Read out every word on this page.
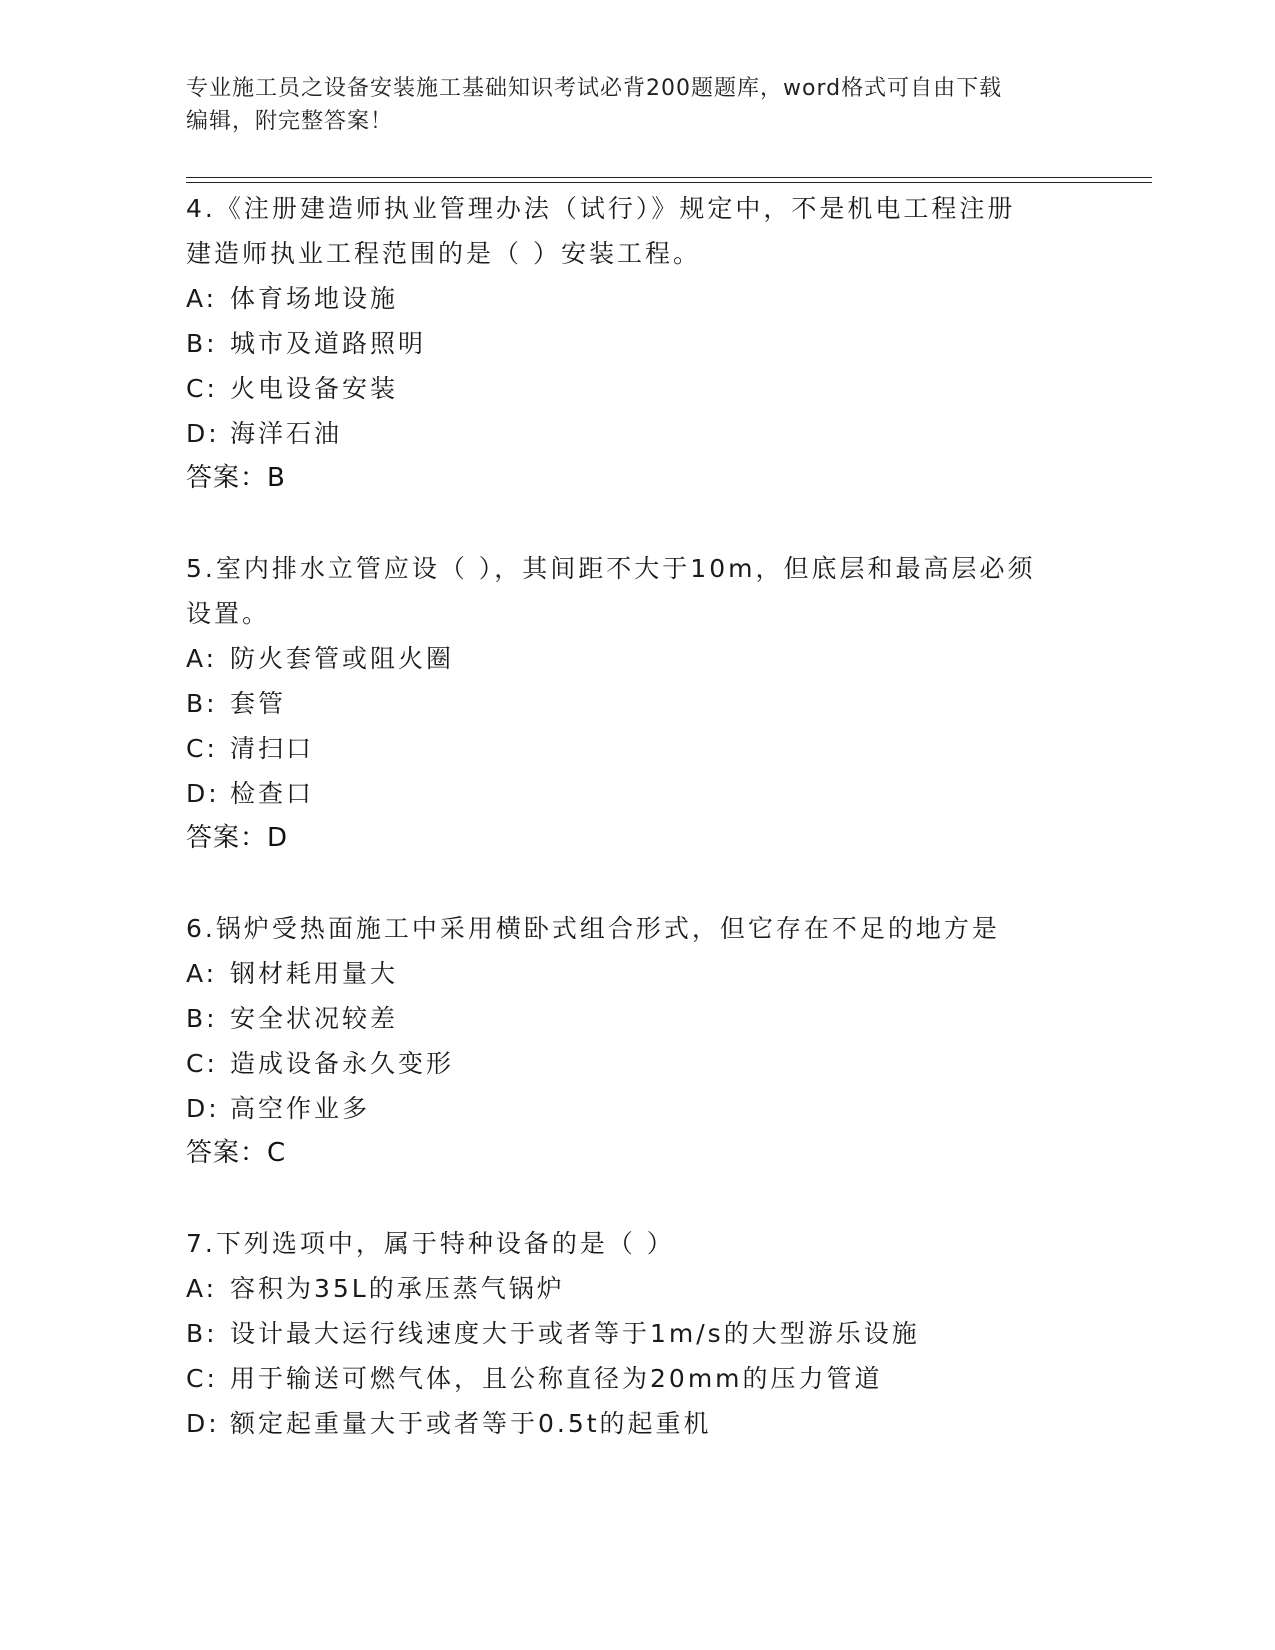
专业施工员之设备安装施工基础知识考试必背200题题库，word格式可自由下载
编辑，附完整答案！
4.《注册建造师执业管理办法（试行）》规定中，不是机电工程注册
建造师执业工程范围的是（ ）安装工程。
A: 体育场地设施
B: 城市及道路照明
C: 火电设备安装
D: 海洋石油
答案：B
5.室内排水立管应设（ ），其间距不大于10m，但底层和最高层必须
设置。
A: 防火套管或阻火圈
B: 套管
C: 清扫口
D: 检查口
答案：D
6.锅炉受热面施工中采用横卧式组合形式，但它存在不足的地方是
A: 钢材耗用量大
B: 安全状况较差
C: 造成设备永久变形
D: 高空作业多
答案：C
7.下列选项中，属于特种设备的是（ ）
A: 容积为35L的承压蒸气锅炉
B: 设计最大运行线速度大于或者等于1m/s的大型游乐设施
C: 用于输送可燃气体，且公称直径为20mm的压力管道
D: 额定起重量大于或者等于0.5t的起重机
